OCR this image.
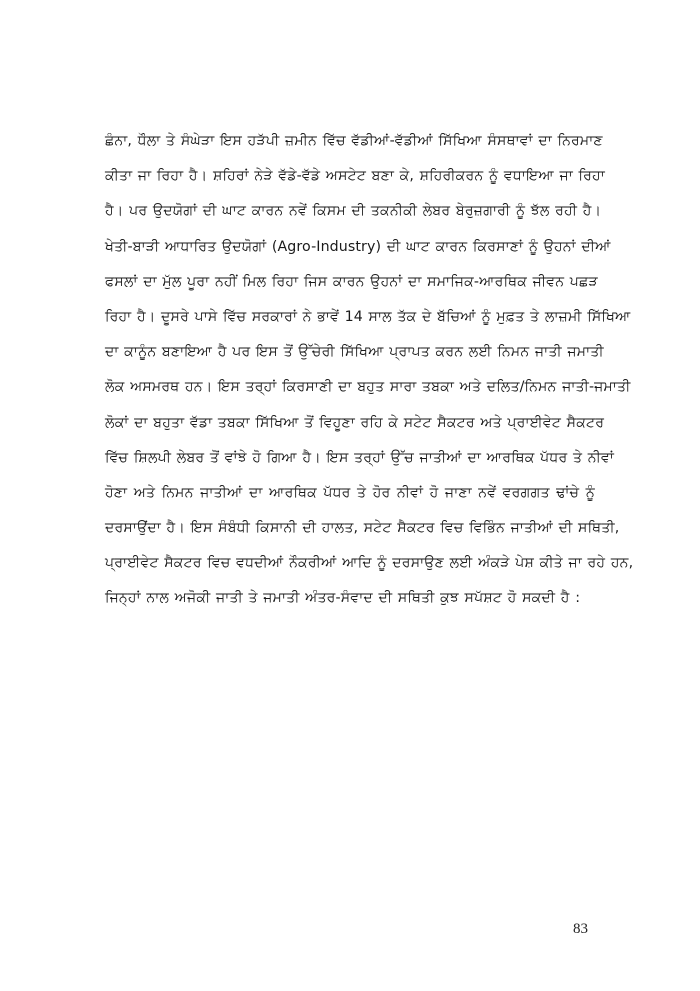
ਛੰਨਾ, ਧੌਲਾ ਤੇ ਸੰਘੇੜਾ ਇਸ ਹੜੱਪੀ ਜ਼ਮੀਨ ਵਿੱਚ ਵੱਡੀਆਂ-ਵੱਡੀਆਂ ਸਿੱਖਿਆ ਸੰਸਥਾਵਾਂ ਦਾ ਨਿਰਮਾਣ
ਕੀਤਾ ਜਾ ਰਿਹਾ ਹੈ। ਸ਼ਹਿਰਾਂ ਨੇੜੇ ਵੱਡੇ-ਵੱਡੇ ਅਸਟੇਟ ਬਣਾ ਕੇ, ਸ਼ਹਿਰੀਕਰਨ ਨੂੰ ਵਧਾਇਆ ਜਾ ਰਿਹਾ
ਹੈ। ਪਰ ਉਦਯੋਗਾਂ ਦੀ ਘਾਟ ਕਾਰਨ ਨਵੇਂ ਕਿਸਮ ਦੀ ਤਕਨੀਕੀ ਲੇਬਰ ਬੇਰੁਜ਼ਗਾਰੀ ਨੂੰ ਝੱਲ ਰਹੀ ਹੈ।
ਖੇਤੀ-ਬਾੜੀ ਆਧਾਰਿਤ ਉਦਯੋਗਾਂ (Agro-Industry) ਦੀ ਘਾਟ ਕਾਰਨ ਕਿਰਸਾਣਾਂ ਨੂੰ ਉਹਨਾਂ ਦੀਆਂ
ਫਸਲਾਂ ਦਾ ਮੁੱਲ ਪੂਰਾ ਨਹੀਂ ਮਿਲ ਰਿਹਾ ਜਿਸ ਕਾਰਨ ਉਹਨਾਂ ਦਾ ਸਮਾਜਿਕ-ਆਰਥਿਕ ਜੀਵਨ ਪਛੜ
ਰਿਹਾ ਹੈ। ਦੂਸਰੇ ਪਾਸੇ ਵਿੱਚ ਸਰਕਾਰਾਂ ਨੇ ਭਾਵੇਂ 14 ਸਾਲ ਤੱਕ ਦੇ ਬੱਚਿਆਂ ਨੂੰ ਮੁਫ਼ਤ ਤੇ ਲਾਜ਼ਮੀ ਸਿੱਖਿਆ
ਦਾ ਕਾਨੂੰਨ ਬਣਾਇਆ ਹੈ ਪਰ ਇਸ ਤੋਂ ਉੱਚੇਰੀ ਸਿੱਖਿਆ ਪ੍ਰਾਪਤ ਕਰਨ ਲਈ ਨਿਮਨ ਜਾਤੀ ਜਮਾਤੀ
ਲੋਕ ਅਸਮਰਥ ਹਨ। ਇਸ ਤਰ੍ਹਾਂ ਕਿਰਸਾਣੀ ਦਾ ਬਹੁਤ ਸਾਰਾ ਤਬਕਾ ਅਤੇ ਦਲਿਤ/ਨਿਮਨ ਜਾਤੀ-ਜਮਾਤੀ
ਲੋਕਾਂ ਦਾ ਬਹੁਤਾ ਵੱਡਾ ਤਬਕਾ ਸਿੱਖਿਆ ਤੋਂ ਵਿਹੂਣਾ ਰਹਿ ਕੇ ਸਟੇਟ ਸੈਕਟਰ ਅਤੇ ਪ੍ਰਾਈਵੇਟ ਸੈਕਟਰ
ਵਿੱਚ ਸ਼ਿਲਪੀ ਲੇਬਰ ਤੋਂ ਵਾਂਝੇ ਹੋ ਗਿਆ ਹੈ। ਇਸ ਤਰ੍ਹਾਂ ਉੱਚ ਜਾਤੀਆਂ ਦਾ ਆਰਥਿਕ ਪੱਧਰ ਤੇ ਨੀਵਾਂ
ਹੋਣਾ ਅਤੇ ਨਿਮਨ ਜਾਤੀਆਂ ਦਾ ਆਰਥਿਕ ਪੱਧਰ ਤੇ ਹੋਰ ਨੀਵਾਂ ਹੋ ਜਾਣਾ ਨਵੇਂ ਵਰਗਗਤ ਢਾਂਚੇ ਨੂੰ
ਦਰਸਾਉਂਦਾ ਹੈ। ਇਸ ਸੰਬੰਧੀ ਕਿਸਾਨੀ ਦੀ ਹਾਲਤ, ਸਟੇਟ ਸੈਕਟਰ ਵਿਚ ਵਿਭਿੰਨ ਜਾਤੀਆਂ ਦੀ ਸਥਿਤੀ,
ਪ੍ਰਾਈਵੇਟ ਸੈਕਟਰ ਵਿਚ ਵਧਦੀਆਂ ਨੌਕਰੀਆਂ ਆਦਿ ਨੂੰ ਦਰਸਾਉਣ ਲਈ ਅੰਕੜੇ ਪੇਸ਼ ਕੀਤੇ ਜਾ ਰਹੇ ਹਨ,
ਜਿਨ੍ਹਾਂ ਨਾਲ ਅਜੋਕੀ ਜਾਤੀ ਤੇ ਜਮਾਤੀ ਅੰਤਰ-ਸੰਵਾਦ ਦੀ ਸਥਿਤੀ ਕੁਝ ਸਪੱਸ਼ਟ ਹੋ ਸਕਦੀ ਹੈ :
83
